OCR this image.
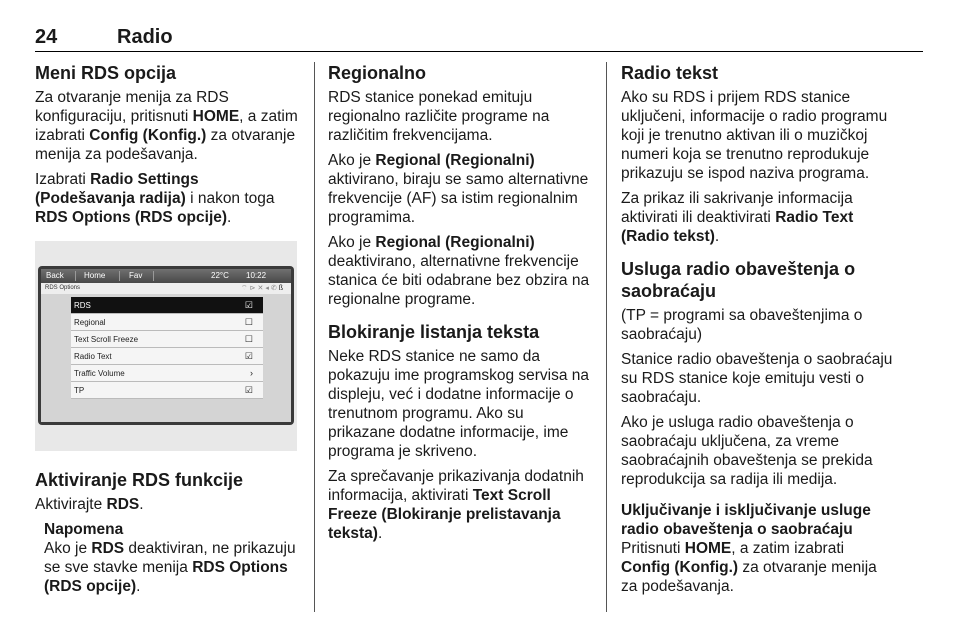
24	Radio
Meni RDS opcija
Za otvaranje menija za RDS konfiguraciju, pritisnuti HOME, a zatim izabrati Config (Konfig.) za otvaranje menija za podešavanja.
Izabrati Radio Settings (Podešavanja radija) i nakon toga RDS Options (RDS opcije).
Back	Home	Fav	22°C 10:22
RDS Options	⌔⊳✕◂✆ß
RDS	☑
Regional	☐
Text Scroll Freeze	☐
Radio Text	☑
Traffic Volume	›
TP	☑
Aktiviranje RDS funkcije
Aktivirajte RDS.
Napomena
Ako je RDS deaktiviran, ne prikazuju se sve stavke menija RDS Options (RDS opcije).
Regionalno
RDS stanice ponekad emituju regionalno različite programe na različitim frekvencijama.
Ako je Regional (Regionalni) aktivirano, biraju se samo alternativne frekvencije (AF) sa istim regionalnim programima.
Ako je Regional (Regionalni) deaktivirano, alternativne frekvencije stanica će biti odabrane bez obzira na regionalne programe.
Blokiranje listanja teksta
Neke RDS stanice ne samo da pokazuju ime programskog servisa na displeju, već i dodatne informacije o trenutnom programu. Ako su prikazane dodatne informacije, ime programa je skriveno.
Za sprečavanje prikazivanja dodatnih informacija, aktivirati Text Scroll Freeze (Blokiranje prelistavanja teksta).
Radio tekst
Ako su RDS i prijem RDS stanice uključeni, informacije o radio programu koji je trenutno aktivan ili o muzičkoj numeri koja se trenutno reprodukuje prikazuju se ispod naziva programa.
Za prikaz ili sakrivanje informacija aktivirati ili deaktivirati Radio Text (Radio tekst).
Usluga radio obaveštenja o saobraćaju
(TP = programi sa obaveštenjima o saobraćaju)
Stanice radio obaveštenja o saobraćaju su RDS stanice koje emituju vesti o saobraćaju.
Ako je usluga radio obaveštenja o saobraćaju uključena, za vreme saobraćajnih obaveštenja se prekida reprodukcija sa radija ili medija.
Uključivanje i isključivanje usluge radio obaveštenja o saobraćaju
Pritisnuti HOME, a zatim izabrati Config (Konfig.) za otvaranje menija za podešavanja.
